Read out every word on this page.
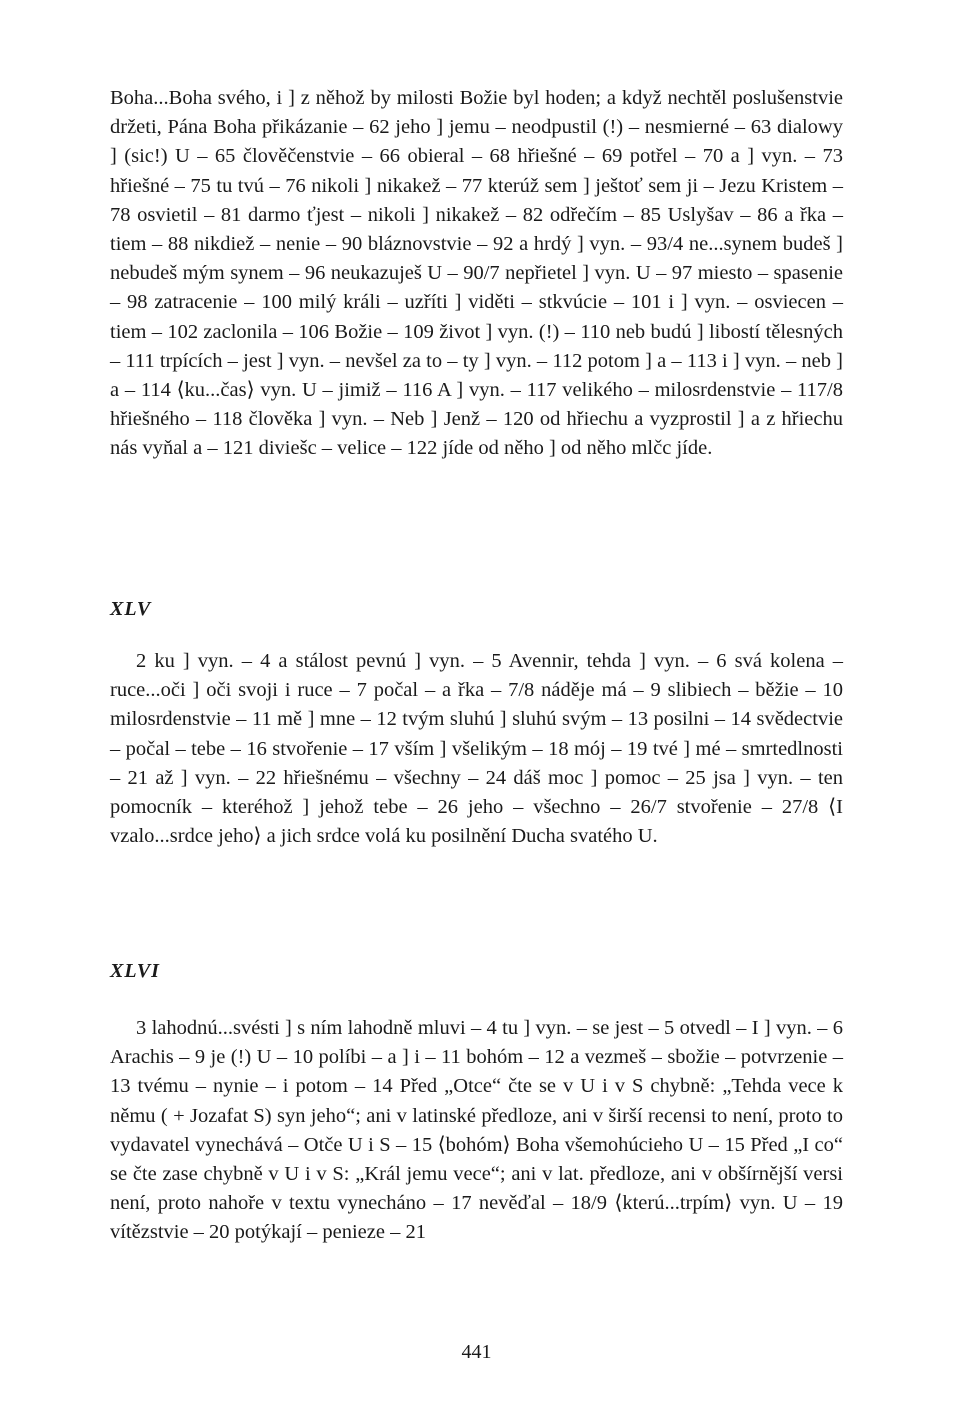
Boha...Boha svého, i ] z něhož by milosti Božie byl hoden; a když nechtěl poslušenstvie držeti, Pána Boha přikázanie – 62 jeho ] jemu – neodpustil (!) – nesmierné – 63 dialowy ] (sic!) U – 65 člověčenstvie – 66 obieral – 68 hřiešné – 69 potřel – 70 a ] vyn. – 73 hřiešné – 75 tu tvú – 76 nikoli ] nikakež – 77 kterúž sem ] ještoť sem ji – Jezu Kristem – 78 osvietil – 81 darmo ťjest – nikoli ] nikakež – 82 odřečím – 85 Uslyšav – 86 a řka – tiem – 88 nikdiež – nenie – 90 bláznovstvie – 92 a hrdý ] vyn. – 93/4 ne...synem budeš ] nebudeš mým synem – 96 neukazuješ U – 90/7 nepřietel ] vyn. U – 97 miesto – spasenie – 98 zatracenie – 100 milý králi – uzříti ] viděti – stkvúcie – 101 i ] vyn. – osviecen – tiem – 102 zaclonila – 106 Božie – 109 život ] vyn. (!) – 110 neb budú ] libostí tělesných – 111 trpících – jest ] vyn. – nevšel za to – ty ] vyn. – 112 potom ] a – 113 i ] vyn. – neb ] a – 114 ⟨ku...čas⟩ vyn. U – jimiž – 116 A ] vyn. – 117 velikého – milosrdenstvie – 117/8 hřiešného – 118 člověka ] vyn. – Neb ] Jenž – 120 od hřiechu a vyzprostil ] a z hřiechu nás vyňal a – 121 diviešc – velice – 122 jíde od něho ] od něho mlčc jíde.

XLV

2 ku ] vyn. – 4 a stálost pevnú ] vyn. – 5 Avennir, tehda ] vyn. – 6 svá kolena – ruce...oči ] oči svoji i ruce – 7 počal – a řka – 7/8 náděje má – 9 slibiech – běžie – 10 milosrdenstvie – 11 mě ] mne – 12 tvým sluhú ] sluhú svým – 13 posilni – 14 svědectvie – počal – tebe – 16 stvořenie – 17 vším ] všelikým – 18 mój – 19 tvé ] mé – smrtedlnosti – 21 až ] vyn. – 22 hřiešnému – všechny – 24 dáš moc ] pomoc – 25 jsa ] vyn. – ten pomocník – kteréhož ] jehož tebe – 26 jeho – všechno – 26/7 stvořenie – 27/8 ⟨I vzalo...srdce jeho⟩ a jich srdce volá ku posilnění Ducha svatého U.

XLVI

3 lahodnú...svésti ] s ním lahodně mluvi – 4 tu ] vyn. – se jest – 5 otvedl – I ] vyn. – 6 Arachis – 9 je (!) U – 10 políbi – a ] i – 11 bohóm – 12 a vezmeš – sbožie – potvrzenie – 13 tvému – nynie – i potom – 14 Před „Otce“ čte se v U i v S chybně: „Tehda vece k němu ( + Jozafat S) syn jeho“; ani v latinské předloze, ani v širší recensi to není, proto to vydavatel vynechává – Otče U i S – 15 ⟨bohóm⟩ Boha všemohúcieho U – 15 Před „I co“ se čte zase chybně v U i v S: „Král jemu vece“; ani v lat. předloze, ani v obšírnější versi není, proto nahoře v textu vynecháno – 17 nevěďal – 18/9 ⟨kterú...trpím⟩ vyn. U – 19 vítězstvie – 20 potýkají – penieze – 21

441
